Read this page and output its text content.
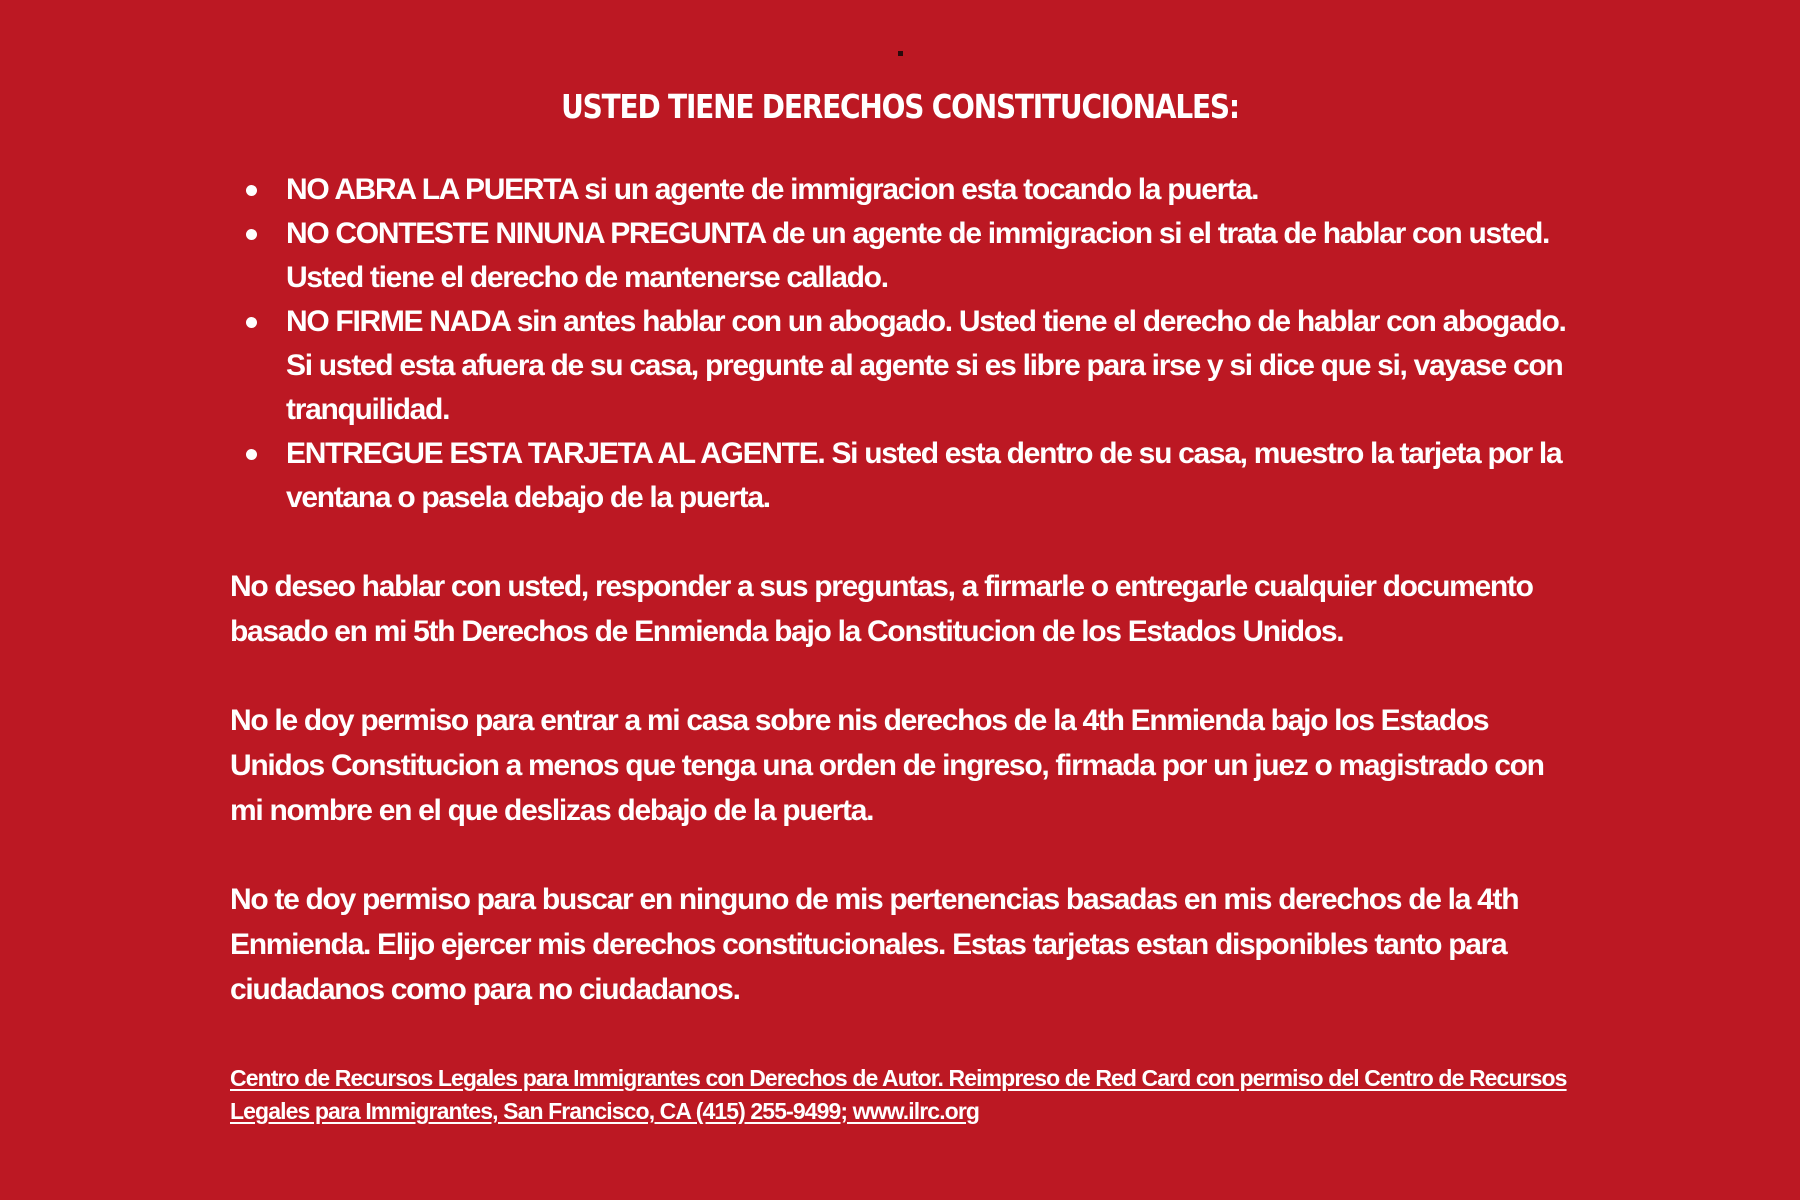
USTED TIENE DERECHOS CONSTITUCIONALES:
NO ABRA LA PUERTA si un agente de immigracion esta tocando la puerta.
NO CONTESTE NINUNA PREGUNTA de un agente de immigracion si el trata de hablar con usted. Usted tiene el derecho de mantenerse callado.
NO FIRME NADA sin antes hablar con un abogado. Usted tiene el derecho de hablar con abogado. Si usted esta afuera de su casa, pregunte al agente si es libre para irse y si dice que si, vayase con tranquilidad.
ENTREGUE ESTA TARJETA AL AGENTE. Si usted esta dentro de su casa, muestro la tarjeta por la ventana o pasela debajo de la puerta.

No deseo hablar con usted, responder a sus preguntas, a firmarle o entregarle cualquier documento basado en mi 5th Derechos de Enmienda bajo la Constitucion de los Estados Unidos.

No le doy permiso para entrar a mi casa sobre nis derechos de la 4th Enmienda bajo los Estados Unidos Constitucion a menos que tenga una orden de ingreso, firmada por un juez o magistrado con mi nombre en el que deslizas debajo de la puerta.

No te doy permiso para buscar en ninguno de mis pertenencias basadas en mis derechos de la 4th Enmienda. Elijo ejercer mis derechos constitucionales. Estas tarjetas estan disponibles tanto para ciudadanos como para no ciudadanos.

Centro de Recursos Legales para Immigrantes con Derechos de Autor. Reimpreso de Red Card con permiso del Centro de Recursos Legales para Immigrantes, San Francisco, CA (415) 255-9499; www.ilrc.org
